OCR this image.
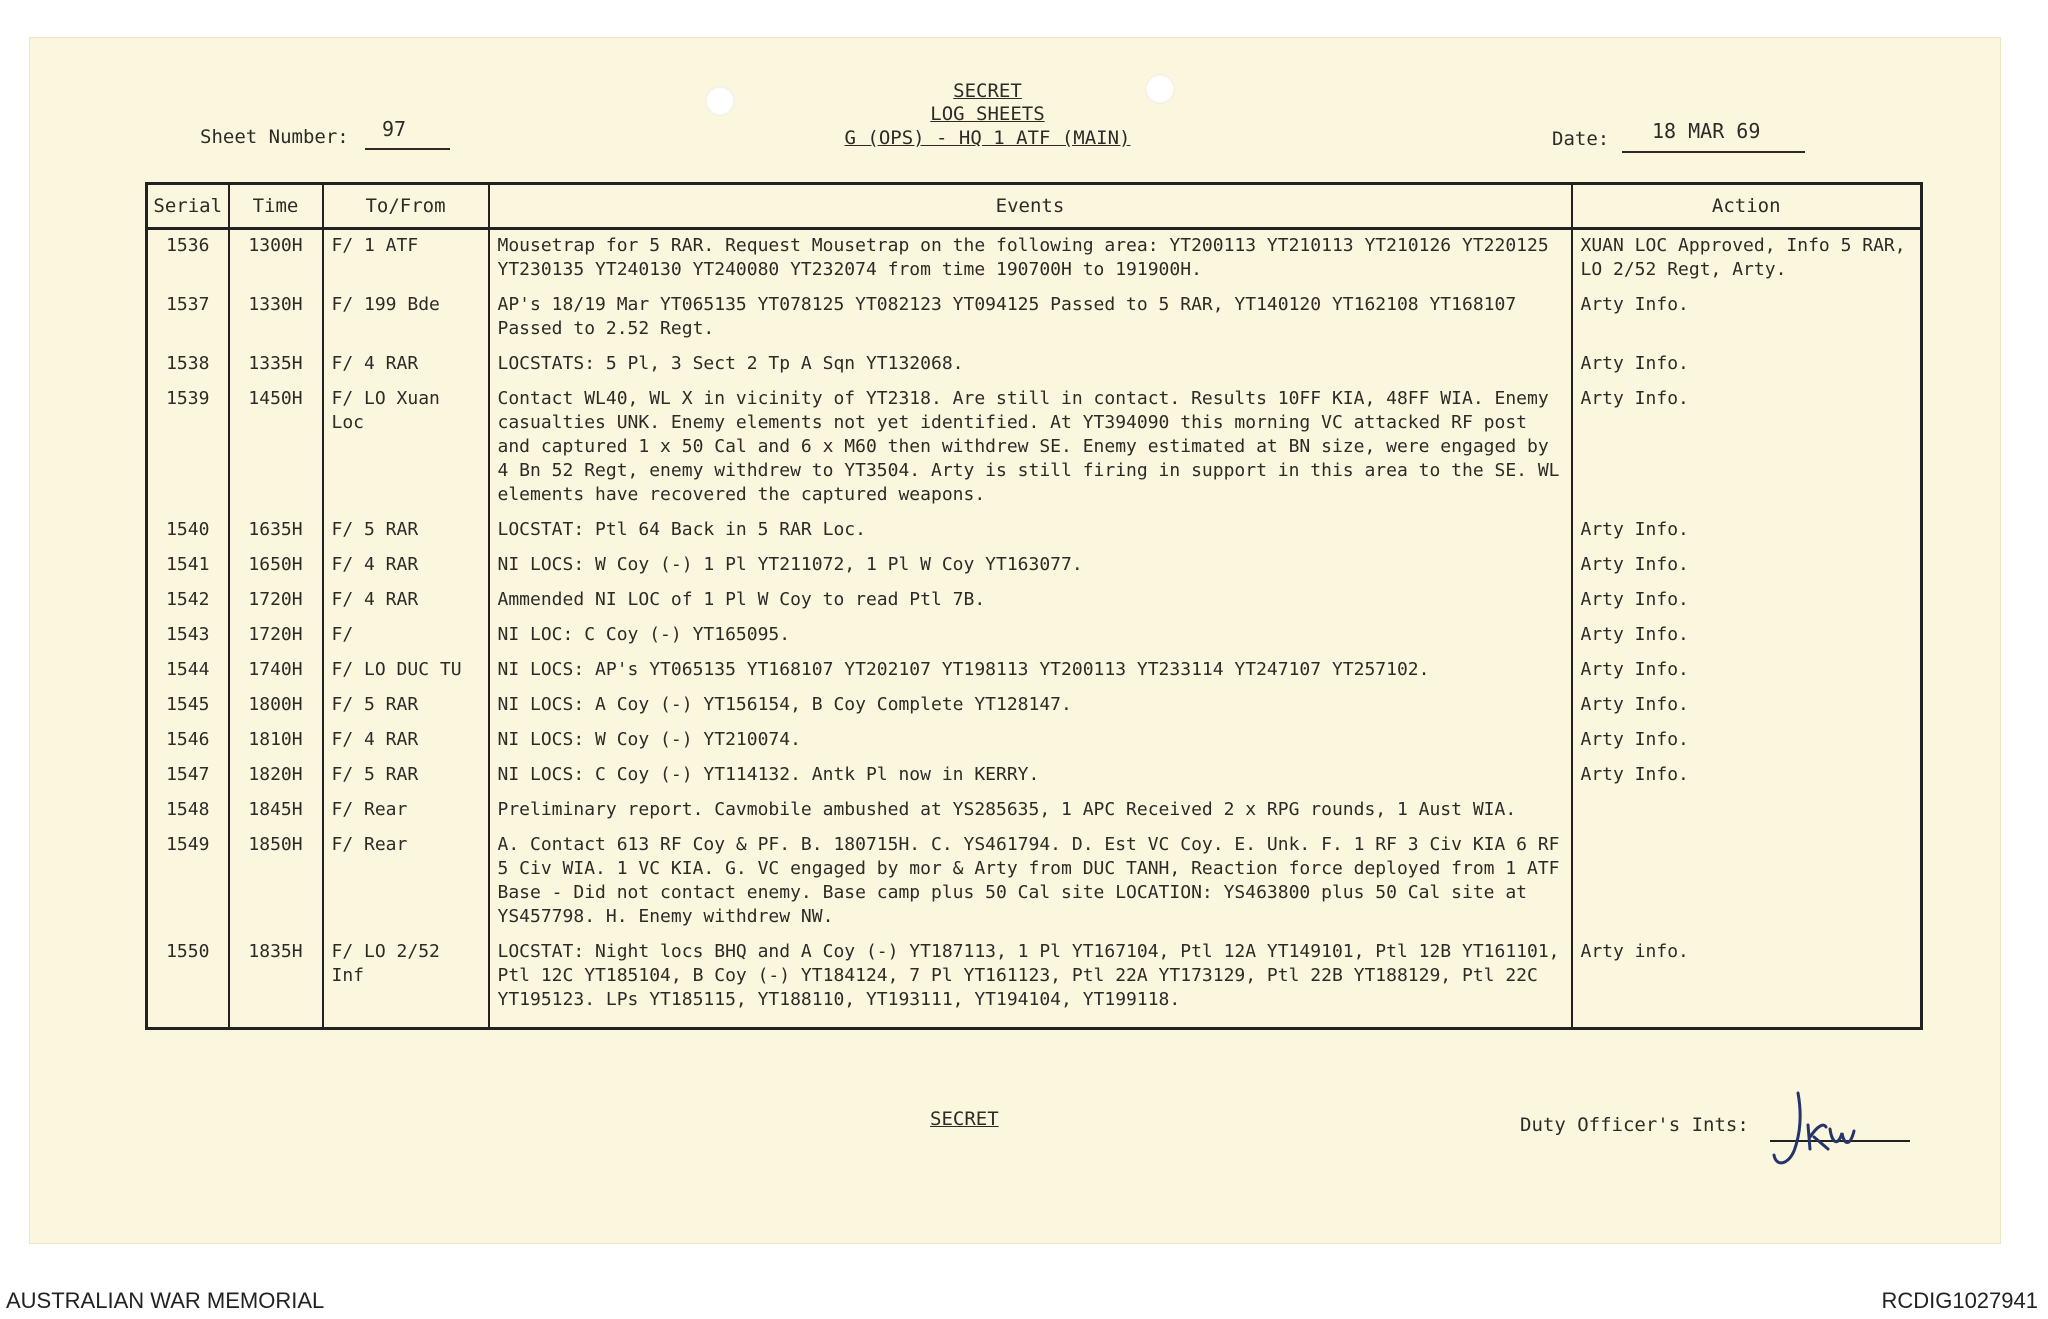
SECRET
LOG SHEETS
G (OPS) - HQ 1 ATF (MAIN)
Sheet Number: 97	Date: 18 MAR 69
Serial	Time	To/From	Events	Action
1536	1300H	F/ 1 ATF	Mousetrap for 5 RAR. Request Mousetrap on the following area: YT200113 YT210113 YT210126 YT220125 YT230135 YT240130 YT240080 YT232074 from time 190700H to 191900H.	XUAN LOC Approved, Info 5 RAR, LO 2/52 Regt, Arty.
1537	1330H	F/ 199 Bde	AP's 18/19 Mar YT065135 YT078125 YT082123 YT094125 Passed to 5 RAR, YT140120 YT162108 YT168107 Passed to 2.52 Regt.	Arty Info.
1538	1335H	F/ 4 RAR	LOCSTATS: 5 Pl, 3 Sect 2 Tp A Sqn YT132068.	Arty Info.
1539	1450H	F/ LO Xuan Loc	Contact WL40, WL X in vicinity of YT2318. Are still in contact. Results 10FF KIA, 48FF WIA. Enemy casualties UNK. Enemy elements not yet identified. At YT394090 this morning VC attacked RF post and captured 1 x 50 Cal and 6 x M60 then withdrew SE. Enemy estimated at BN size, were engaged by 4 Bn 52 Regt, enemy withdrew to YT3504. Arty is still firing in support in this area to the SE. WL elements have recovered the captured weapons.	Arty Info.
1540	1635H	F/ 5 RAR	LOCSTAT: Ptl 64 Back in 5 RAR Loc.	Arty Info.
1541	1650H	F/ 4 RAR	NI LOCS: W Coy (-) 1 Pl YT211072, 1 Pl W Coy YT163077.	Arty Info.
1542	1720H	F/ 4 RAR	Ammended NI LOC of 1 Pl W Coy to read Ptl 7B.	Arty Info.
1543	1720H	F/	NI LOC: C Coy (-) YT165095.	Arty Info.
1544	1740H	F/ LO DUC TU	NI LOCS: AP's YT065135 YT168107 YT202107 YT198113 YT200113 YT233114 YT247107 YT257102.	Arty Info.
1545	1800H	F/ 5 RAR	NI LOCS: A Coy (-) YT156154, B Coy Complete YT128147.	Arty Info.
1546	1810H	F/ 4 RAR	NI LOCS: W Coy (-) YT210074.	Arty Info.
1547	1820H	F/ 5 RAR	NI LOCS: C Coy (-) YT114132. Antk Pl now in KERRY.	Arty Info.
1548	1845H	F/ Rear	Preliminary report. Cavmobile ambushed at YS285635, 1 APC Received 2 x RPG rounds, 1 Aust WIA.	
1549	1850H	F/ Rear	A. Contact 613 RF Coy & PF. B. 180715H. C. YS461794. D. Est VC Coy. E. Unk. F. 1 RF 3 Civ KIA 6 RF 5 Civ WIA. 1 VC KIA. G. VC engaged by mor & Arty from DUC TANH, Reaction force deployed from 1 ATF Base - Did not contact enemy. Base camp plus 50 Cal site LOCATION: YS463800 plus 50 Cal site at YS457798. H. Enemy withdrew NW.	
1550	1835H	F/ LO 2/52 Inf	LOCSTAT: Night locs BHQ and A Coy (-) YT187113, 1 Pl YT167104, Ptl 12A YT149101, Ptl 12B YT161101, Ptl 12C YT185104, B Coy (-) YT184124, 7 Pl YT161123, Ptl 22A YT173129, Ptl 22B YT188129, Ptl 22C YT195123. LPs YT185115, YT188110, YT193111, YT194104, YT199118.	Arty info.
SECRET	Duty Officer's Ints:
AUSTRALIAN WAR MEMORIAL	RCDIG1027941
